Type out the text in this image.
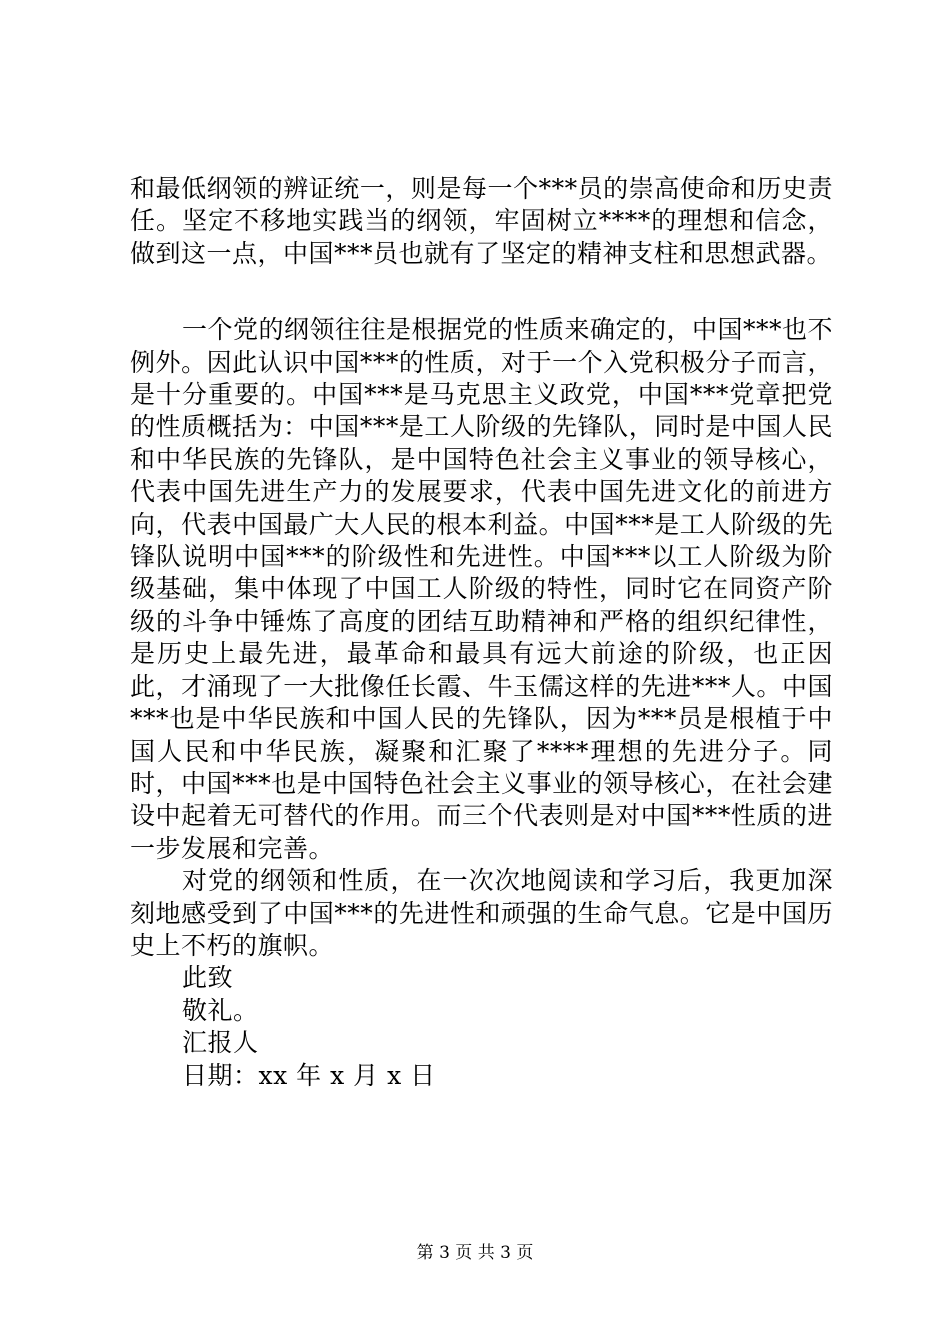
和最低纲领的辨证统一，则是每一个***员的崇高使命和历史责任。坚定不移地实践当的纲领，牢固树立****的理想和信念，做到这一点，中国***员也就有了坚定的精神支柱和思想武器。

一个党的纲领往往是根据党的性质来确定的，中国***也不例外。因此认识中国***的性质，对于一个入党积极分子而言，是十分重要的。中国***是马克思主义政党，中国***党章把党的性质概括为：中国***是工人阶级的先锋队，同时是中国人民和中华民族的先锋队，是中国特色社会主义事业的领导核心，代表中国先进生产力的发展要求，代表中国先进文化的前进方向，代表中国最广大人民的根本利益。中国***是工人阶级的先锋队说明中国***的阶级性和先进性。中国***以工人阶级为阶级基础，集中体现了中国工人阶级的特性，同时它在同资产阶级的斗争中锤炼了高度的团结互助精神和严格的组织纪律性，是历史上最先进，最革命和最具有远大前途的阶级，也正因此，才涌现了一大批像任长霞、牛玉儒这样的先进***人。中国***也是中华民族和中国人民的先锋队，因为***员是根植于中国人民和中华民族，凝聚和汇聚了****理想的先进分子。同时，中国***也是中国特色社会主义事业的领导核心，在社会建设中起着无可替代的作用。而三个代表则是对中国***性质的进一步发展和完善。

对党的纲领和性质，在一次次地阅读和学习后，我更加深刻地感受到了中国***的先进性和顽强的生命气息。它是中国历史上不朽的旗帜。

此致

敬礼。

汇报人

日期：xx 年 x 月 x 日

第 3 页 共 3 页
